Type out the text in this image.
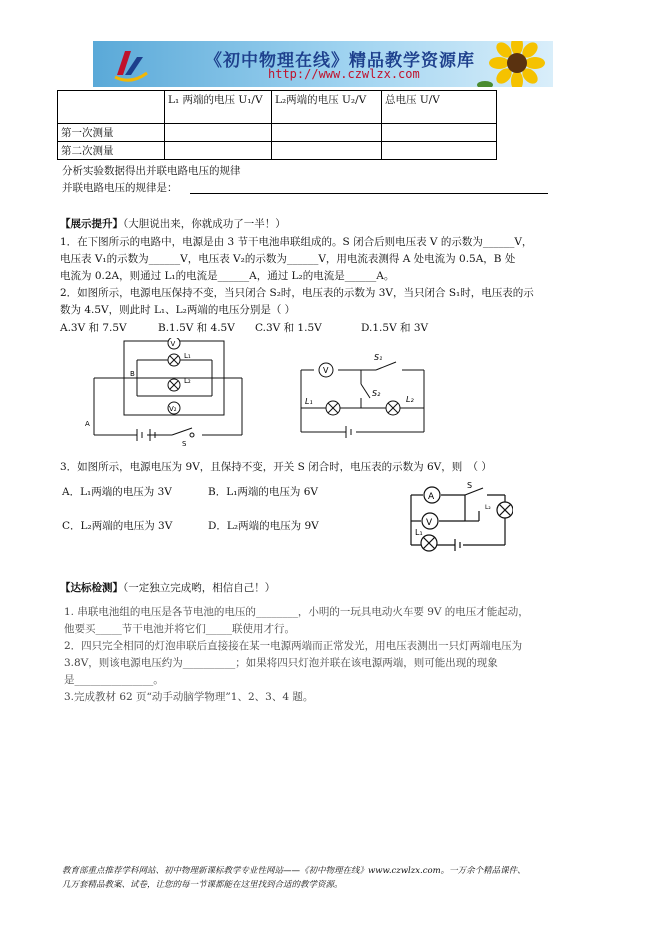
《初中物理在线》精品教学资源库
http://www.czwlzx.com
	L₁ 两端的电压 U₁/V	L₂两端的电压 U₂/V	总电压 U/V
第一次测量			
第二次测量			
分析实验数据得出并联电路电压的规律
并联电路电压的规律是：
【展示提升】（大胆说出来，你就成功了一半！）
1．在下图所示的电路中，电源是由 3 节干电池串联组成的。S 闭合后则电压表 V 的示数为______V，
电压表 V₁的示数为______V，电压表 V₂的示数为______V，用电流表测得 A 处电流为 0.5A，B 处
电流为 0.2A，则通过 L₁的电流是______A，通过 L₂的电流是______A。
2．如图所示，电源电压保持不变，当只闭合 S₂时，电压表的示数为 3V，当只闭合 S₁时，电压表的示
数为 4.5V，则此时 L₁、L₂两端的电压分别是（ ）
A.3V 和 7.5V	B.1.5V 和 4.5V C.3V 和 1.5V	D.1.5V 和 3V
V
V₂
L₁
L₂
B
A
S
V
S₁
S₂
L₁	L₂
3．如图所示，电源电压为 9V，且保持不变，开关 S 闭合时，电压表的示数为 6V，则　（ ）
A．L₁两端的电压为 3V	B．L₁两端的电压为 6V
C．L₂两端的电压为 3V	D．L₂两端的电压为 9V
A
V
S
L₁
L₂
【达标检测】（一定独立完成哟，相信自己！）
1. 串联电池组的电压是各节电池的电压的________，小明的一玩具电动火车要 9V 的电压才能起动，
他要买_____节干电池并将它们_____联使用才行。
2．四只完全相同的灯泡串联后直接接在某一电源两端而正常发光，用电压表测出一只灯两端电压为
3.8V，则该电源电压约为__________；如果将四只灯泡并联在该电源两端，则可能出现的现象
是_______________。
3.完成教材 62 页“动手动脑学物理”1、2、3、4 题。
教育部重点推荐学科网站、初中物理新课标教学专业性网站——《初中物理在线》www.czwlzx.com。一万余个精品课件、
几万套精品教案、试卷，让您的每一节课都能在这里找到合适的教学资源。
